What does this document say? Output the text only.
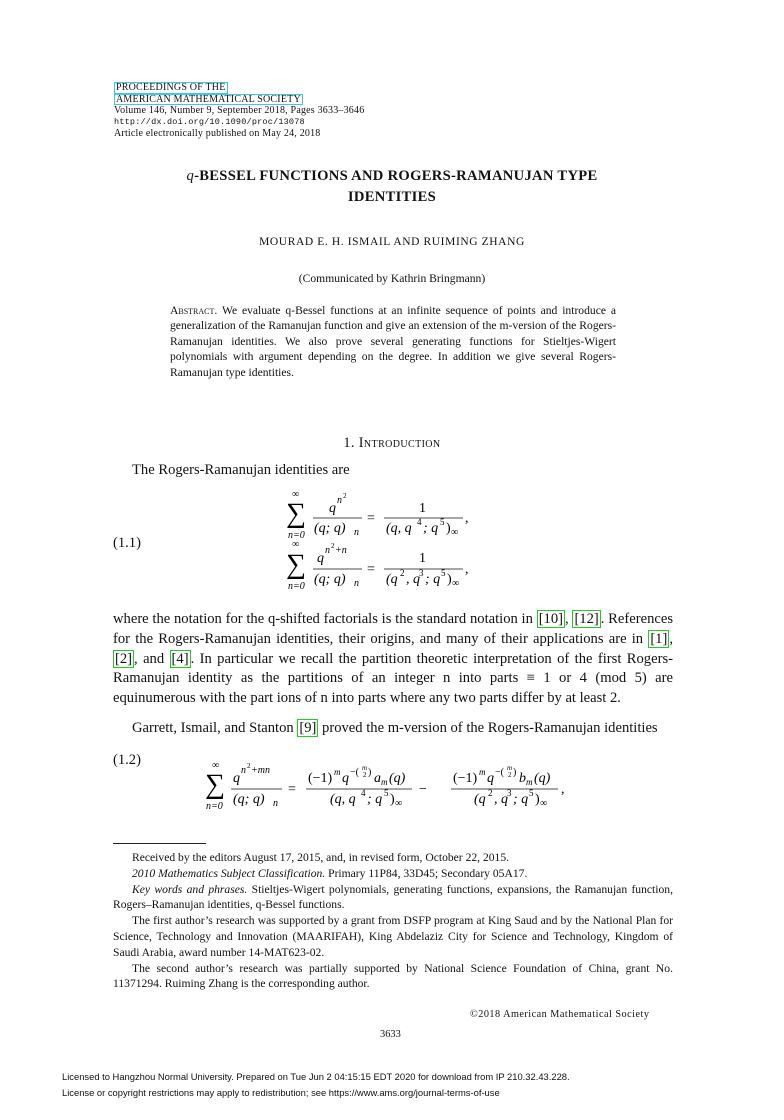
PROCEEDINGS OF THE
AMERICAN MATHEMATICAL SOCIETY
Volume 146, Number 9, September 2018, Pages 3633–3646
http://dx.doi.org/10.1090/proc/13078
Article electronically published on May 24, 2018
q-BESSEL FUNCTIONS AND ROGERS-RAMANUJAN TYPE
IDENTITIES
MOURAD E. H. ISMAIL AND RUIMING ZHANG
(Communicated by Kathrin Bringmann)
Abstract. We evaluate q-Bessel functions at an infinite sequence of points and introduce a generalization of the Ramanujan function and give an extension of the m-version of the Rogers-Ramanujan identities. We also prove several generating functions for Stieltjes-Wigert polynomials with argument depending on the degree. In addition we give several Rogers-Ramanujan type identities.
1. Introduction
The Rogers-Ramanujan identities are
(1.1)
∞
∑
n=0
q
n 2
(q; q) n
=
1
(q, q 4 ; q 5 ) ∞
,
∞
∑
n=0
q
n 2 +n
(q; q) n
=
1
(q 2 , q 3 ; q 5 ) ∞
,
where the notation for the q-shifted factorials is the standard notation in [10] , [12] . References for the Rogers-Ramanujan identities, their origins, and many of their applications are in [1] , [2] , and [4] . In particular we recall the partition theoretic interpretation of the first Rogers-Ramanujan identity as the partitions of an integer n into parts ≡ 1 or 4 (mod 5) are equinumerous with the part ions of n into parts where any two parts differ by at least 2.
Garrett, Ismail, and Stanton [9] proved the m-version of the Rogers-Ramanujan identities
(1.2)	∞
∑
n=0
q
n 2 +mn
(q; q) n
=
(−1) m q −( m
2 ) a m (q)
(q, q 4 ; q 5 ) ∞
−
(−1) m q −( m
2 ) b m (q)
(q 2 , q 3 ; q 5 ) ∞
,

Received by the editors August 17, 2015, and, in revised form, October 22, 2015.

2010 Mathematics Subject Classification. Primary 11P84, 33D45; Secondary 05A17.

Key words and phrases. Stieltjes-Wigert polynomials, generating functions, expansions, the Ramanujan function, Rogers–Ramanujan identities, q-Bessel functions.

The first author’s research was supported by a grant from DSFP program at King Saud and by the National Plan for Science, Technology and Innovation (MAARIFAH), King Abdelaziz City for Science and Technology, Kingdom of Saudi Arabia, award number 14-MAT623-02.

The second author’s research was partially supported by National Science Foundation of China, grant No. 11371294. Ruiming Zhang is the corresponding author.

©2018 American Mathematical Society
3633
Licensed to Hangzhou Normal University. Prepared on Tue Jun 2 04:15:15 EDT 2020 for download from IP 210.32.43.228.
License or copyright restrictions may apply to redistribution; see https://www.ams.org/journal-terms-of-use
